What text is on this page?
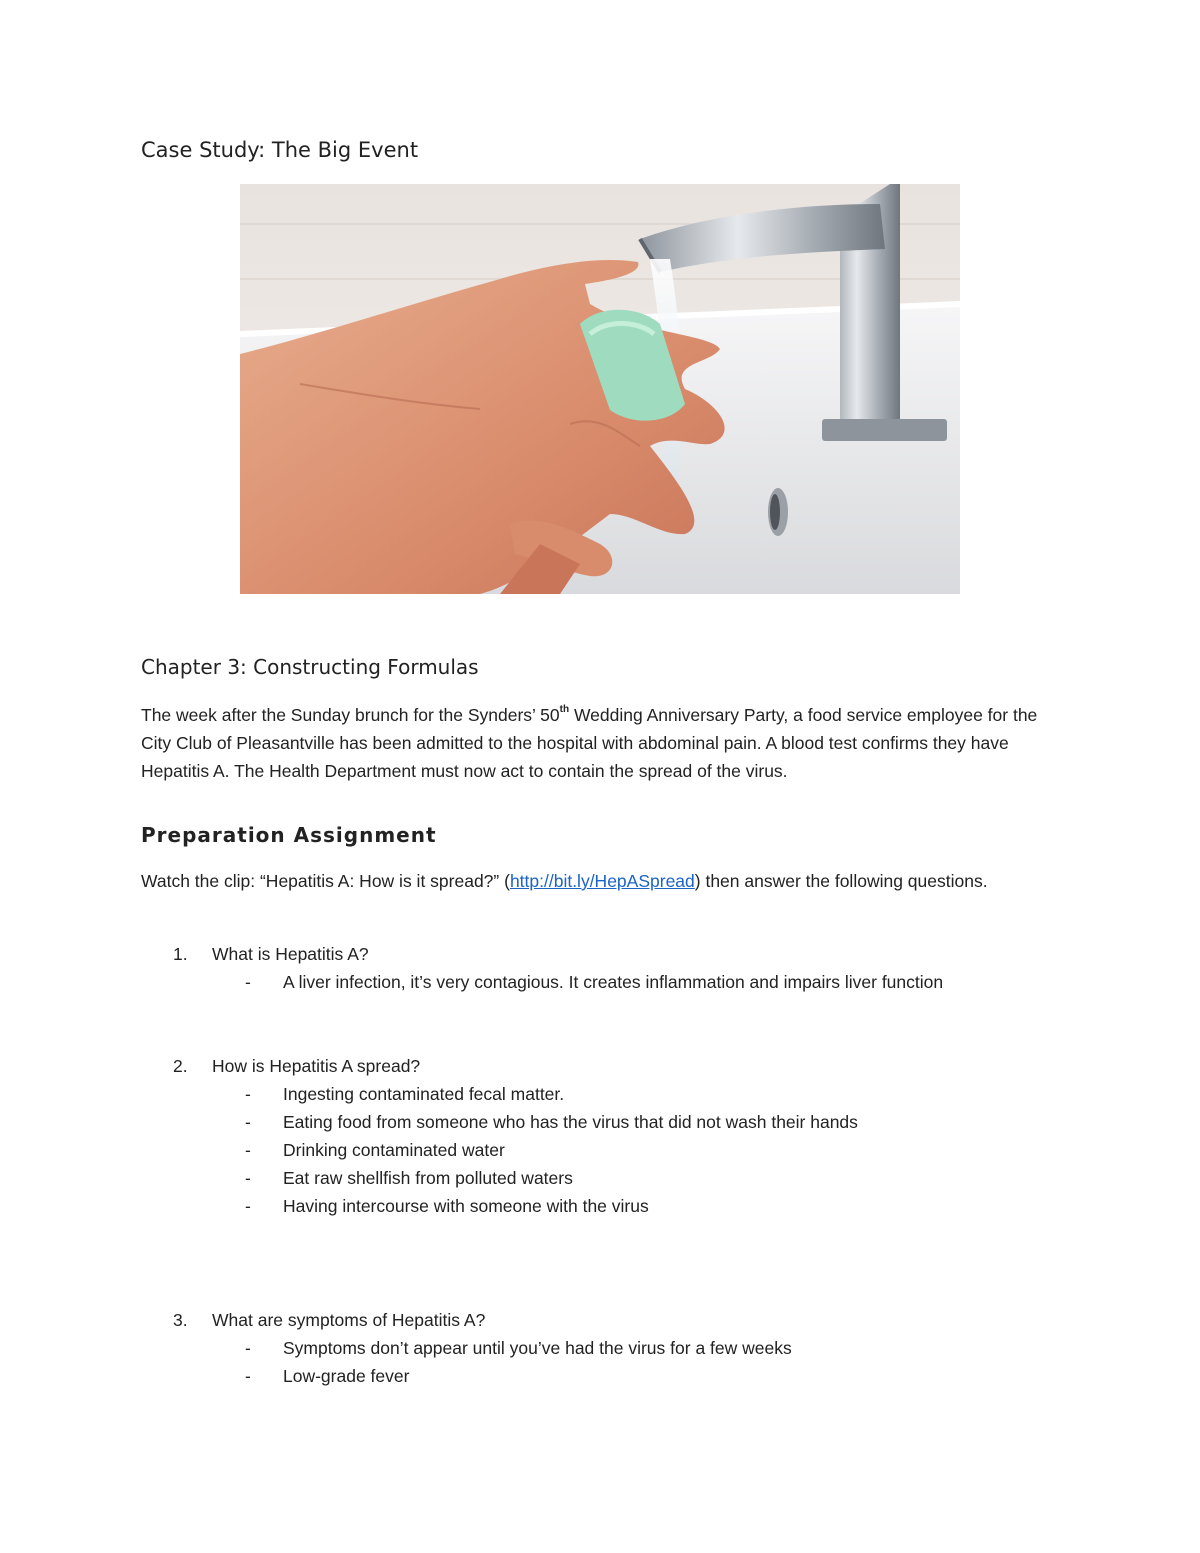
Case Study: The Big Event
Chapter 3: Constructing Formulas

The week after the Sunday brunch for the Synders’ 50th Wedding Anniversary Party, a food service employee for the City Club of Pleasantville has been admitted to the hospital with abdominal pain. A blood test confirms they have Hepatitis A. The Health Department must now act to contain the spread of the virus.

Preparation Assignment

Watch the clip: “Hepatitis A: How is it spread?” (http://bit.ly/HepASpread) then answer the following questions.

1.	What is Hepatitis A?
-	A liver infection, it’s very contagious. It creates inflammation and impairs liver function
2.	How is Hepatitis A spread?
-	Ingesting contaminated fecal matter.
-	Eating food from someone who has the virus that did not wash their hands
-	Drinking contaminated water
-	Eat raw shellfish from polluted waters
-	Having intercourse with someone with the virus
3.	What are symptoms of Hepatitis A?
-	Symptoms don’t appear until you’ve had the virus for a few weeks
-	Low-grade fever
